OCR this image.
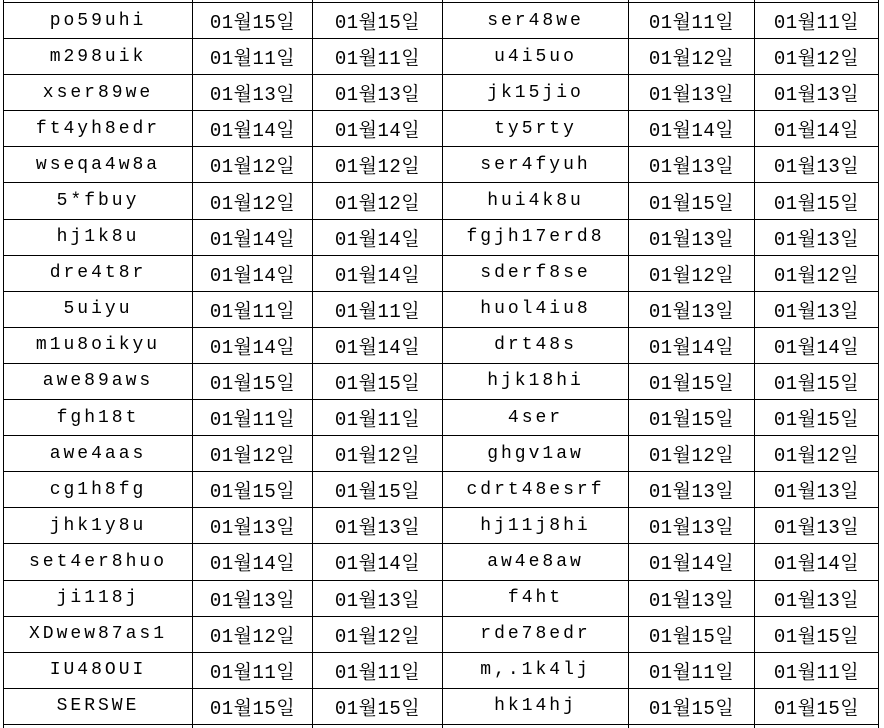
po59uhi	01월15일	01월15일	ser48we	01월11일	01월11일
m298uik	01월11일	01월11일	u4i5uo	01월12일	01월12일
xser89we	01월13일	01월13일	jk15jio	01월13일	01월13일
ft4yh8edr	01월14일	01월14일	ty5rty	01월14일	01월14일
wseqa4w8a	01월12일	01월12일	ser4fyuh	01월13일	01월13일
5*fbuy	01월12일	01월12일	hui4k8u	01월15일	01월15일
hj1k8u	01월14일	01월14일	fgjh17erd8	01월13일	01월13일
dre4t8r	01월14일	01월14일	sderf8se	01월12일	01월12일
5uiyu	01월11일	01월11일	huol4iu8	01월13일	01월13일
m1u8oikyu	01월14일	01월14일	drt48s	01월14일	01월14일
awe89aws	01월15일	01월15일	hjk18hi	01월15일	01월15일
fgh18t	01월11일	01월11일	4ser	01월15일	01월15일
awe4aas	01월12일	01월12일	ghgv1aw	01월12일	01월12일
cg1h8fg	01월15일	01월15일	cdrt48esrf	01월13일	01월13일
jhk1y8u	01월13일	01월13일	hj11j8hi	01월13일	01월13일
set4er8huo	01월14일	01월14일	aw4e8aw	01월14일	01월14일
ji118j	01월13일	01월13일	f4ht	01월13일	01월13일
XDwew87as1	01월12일	01월12일	rde78edr	01월15일	01월15일
IU48OUI	01월11일	01월11일	m,.1k4lj	01월11일	01월11일
SERSWE	01월15일	01월15일	hk14hj	01월15일	01월15일
